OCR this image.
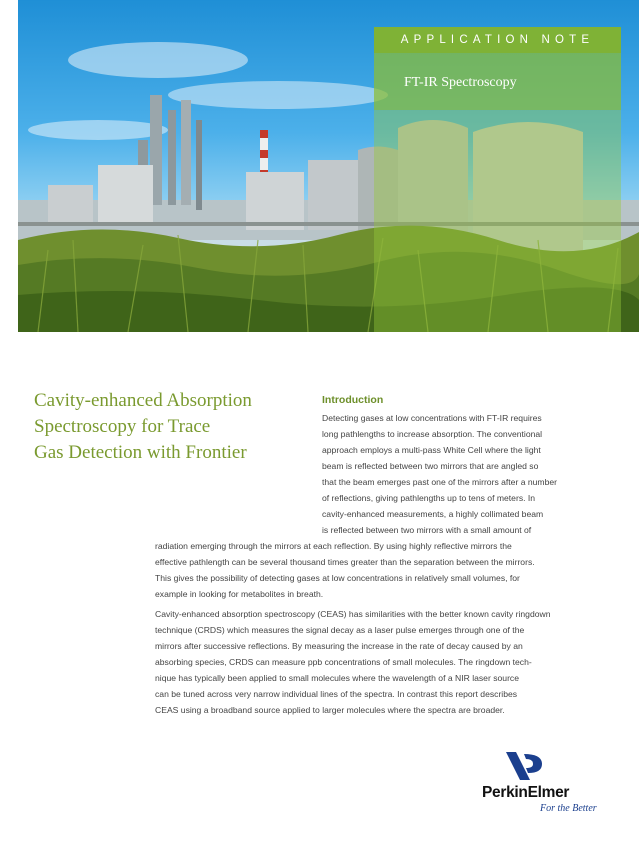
APPLICATION NOTE
FT-IR Spectroscopy
Cavity-enhanced Absorption
Spectroscopy for Trace
Gas Detection with Frontier
Introduction
Detecting gases at low concentrations with FT-IR requires
long pathlengths to increase absorption. The conventional
approach employs a multi-pass White Cell where the light
beam is reflected between two mirrors that are angled so
that the beam emerges past one of the mirrors after a number
of reflections, giving pathlengths up to tens of meters. In
cavity-enhanced measurements, a highly collimated beam
is reflected between two mirrors with a small amount of
radiation emerging through the mirrors at each reflection. By using highly reflective mirrors the
effective pathlength can be several thousand times greater than the separation between the mirrors.
This gives the possibility of detecting gases at low concentrations in relatively small volumes, for
example in looking for metabolites in breath.
Cavity-enhanced absorption spectroscopy (CEAS) has similarities with the better known cavity ringdown
technique (CRDS) which measures the signal decay as a laser pulse emerges through one of the
mirrors after successive reflections. By measuring the increase in the rate of decay caused by an
absorbing species, CRDS can measure ppb concentrations of small molecules. The ringdown tech-
nique has typically been applied to small molecules where the wavelength of a NIR laser source
can be tuned across very narrow individual lines of the spectra. In contrast this report describes
CEAS using a broadband source applied to larger molecules where the spectra are broader.
PerkinElmer
For the Better
